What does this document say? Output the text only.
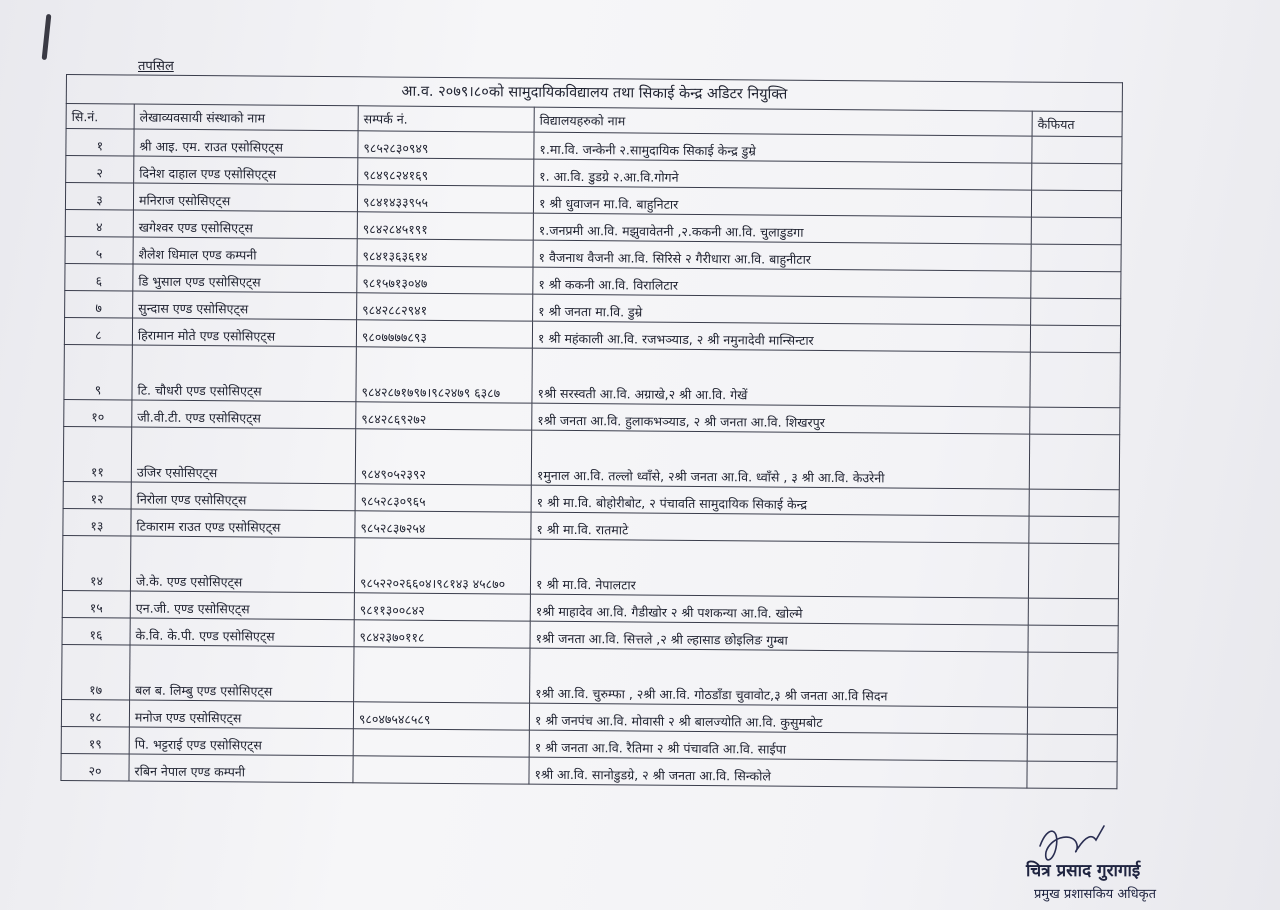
तपसिल
आ.व. २०७९।८०को सामुदायिकविद्यालय तथा सिकाई केन्द्र अडिटर नियुक्ति				
सि.नं.	लेखाव्यवसायी संस्थाको नाम	सम्पर्क नं.	विद्यालयहरुको नाम	कैफियत
१	श्री आइ. एम. राउत एसोसिएट्स	९८५२८३०९४९	१.मा.वि. जन्केनी २.सामुदायिक सिकाई केन्द्र डुम्रे	
२	दिनेश दाहाल एण्ड एसोसिएट्स	९८४९८२४१६९	१. आ.वि. डुडग्रे २.आ.वि.गोगने	
३	मनिराज एसोसिएट्स	९८४१४३३९५५	१ श्री धुवाजन मा.वि. बाहुनिटार	
४	खगेश्वर एण्ड एसोसिएट्स	९८४२८४५१९१	१.जनप्रमी आ.वि. मझुवावेतनी ,२.ककनी आ.वि. चुलाडुडगा	
५	शैलेश धिमाल एण्ड कम्पनी	९८४१३६३६१४	१ वैजनाथ वैजनी आ.वि. सिरिसे २ गैरीधारा आ.वि. बाहुनीटार	
६	डि भुसाल एण्ड एसोसिएट्स	९८१५७१३०४७	१ श्री ककनी आ.वि. विरालिटार	
७	सुन्दास एण्ड एसोसिएट्स	९८४२८८२९४१	१ श्री जनता मा.वि. डुम्रे	
८	हिरामान मोते एण्ड एसोसिएट्स	९८०७७७७८९३	१ श्री महंकाली आ.वि. रजभञ्याड, २ श्री नमुनादेवी मान्सिन्टार	
९	टि. चौधरी एण्ड एसोसिएट्स	९८४२८७१७९७।९८२४७९ ६३८७	१श्री सरस्वती आ.वि. अग्राखे,२ श्री आ.वि. गेखें	
१०	जी.वी.टी. एण्ड एसोसिएट्स	९८४२८६९२७२	१श्री जनता आ.वि. हुलाकभञ्याड, २ श्री जनता आ.वि. शिखरपुर	
११	उजिर एसोसिएट्स	९८४९०५२३९२	१मुनाल आ.वि. तल्लो ध्वाँसे, २श्री जनता आ.वि. ध्वाँसे , ३ श्री आ.वि. केउरेनी	
१२	निरोला एण्ड एसोसिएट्स	९८५२८३०९६५	१ श्री मा.वि. बोहोरीबोट, २ पंचावति सामुदायिक सिकाई केन्द्र	
१३	टिकाराम राउत एण्ड एसोसिएट्स	९८५२८३७२५४	१ श्री मा.वि. रातमाटे	
१४	जे.के. एण्ड एसोसिएट्स	९८५२२०२६६०४।९८१४३ ४५८७०	१ श्री मा.वि. नेपालटार	
१५	एन.जी. एण्ड एसोसिएट्स	९८११३००८४२	१श्री माहादेव आ.वि. गैडीखोर २ श्री पशकन्या आ.वि. खोल्मे	
१६	के.वि. के.पी. एण्ड एसोसिएट्स	९८४२३७०११८	१श्री जनता आ.वि. सित्तले ,२ श्री ल्हासाड छोइलिङ गुम्बा	
१७	बल ब. लिम्बु एण्ड एसोसिएट्स		१श्री आ.वि. चुरुम्फा , २श्री आ.वि. गोठडाँडा चुवावोट,३ श्री जनता आ.वि सिदन	
१८	मनोज एण्ड एसोसिएट्स	९८०४७५४८५८९	१ श्री जनपंच आ.वि. मोवासी २ श्री बालज्योति आ.वि. कुसुमबोट	
१९	पि. भट्टराई एण्ड एसोसिएट्स		१ श्री जनता आ.वि. रैतिमा २ श्री पंचावति आ.वि. साईपा	
२०	रबिन नेपाल एण्ड कम्पनी		१श्री आ.वि. सानोडुडग्रे, २ श्री जनता आ.वि. सिन्कोले	
चित्र प्रसाद गुरागाई
प्रमुख प्रशासकिय अधिकृत
